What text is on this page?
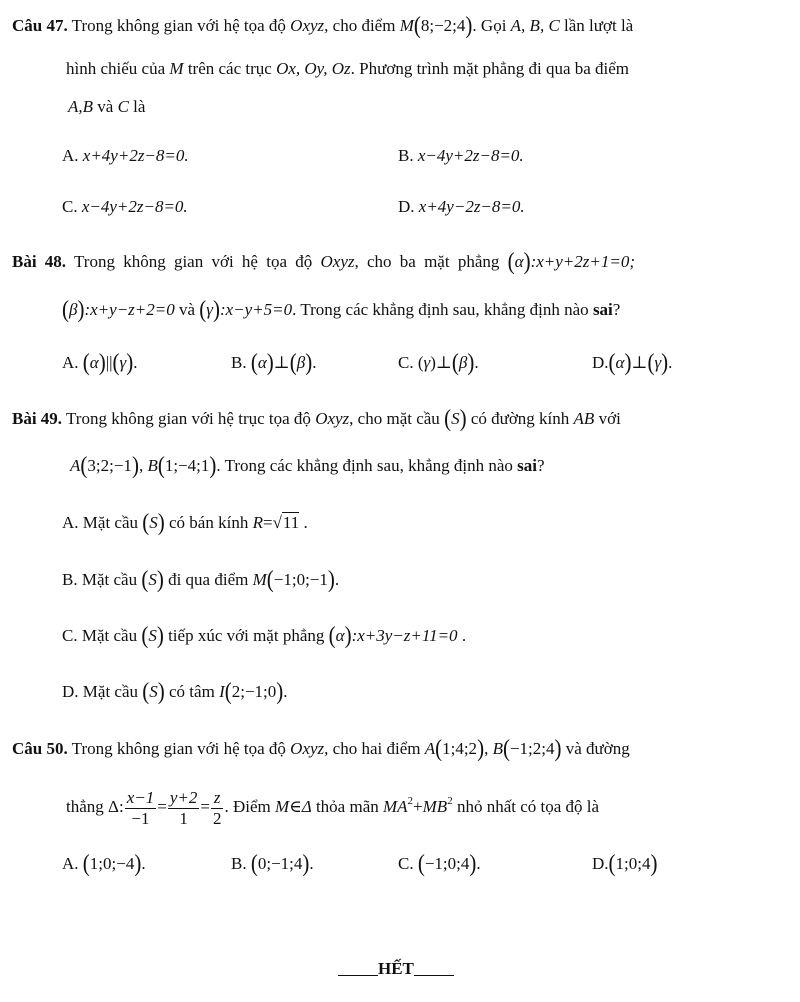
Câu 47. Trong không gian với hệ tọa độ Oxyz, cho điểm M(8;−2;4). Gọi A, B, C lần lượt là
hình chiếu của M trên các trục Ox, Oy, Oz. Phương trình mặt phẳng đi qua ba điểm
A,B và C là
A. x+4y+2z−8=0.	B. x−4y+2z−8=0.
C. x−4y+2z−8=0.	D. x+4y−2z−8=0.
Bài 48. Trong không gian với hệ tọa độ Oxyz, cho ba mặt phẳng (α):x+y+2z+1=0;
(β):x+y−z+2=0 và (γ):x−y+5=0. Trong các khẳng định sau, khẳng định nào sai?
A. (α)||(γ).	B. (α)⊥(β).	C. (γ)⊥(β).	D.(α)⊥(γ).
Bài 49. Trong không gian với hệ trục tọa độ Oxyz, cho mặt cầu (S) có đường kính AB với
A(3;2;−1), B(1;−4;1). Trong các khẳng định sau, khẳng định nào sai?
A. Mặt cầu (S) có bán kính R=√11 .
B. Mặt cầu (S) đi qua điểm M(−1;0;−1).
C. Mặt cầu (S) tiếp xúc với mặt phẳng (α):x+3y−z+11=0 .
D. Mặt cầu (S) có tâm I(2;−1;0).
Câu 50. Trong không gian với hệ tọa độ Oxyz, cho hai điểm A(1;4;2), B(−1;2;4) và đường
thẳng Δ: $\frac{x-1}{-1} = \frac{y+2}{1} = \frac{z}{2}$ . Điểm M∈Δ thỏa mãn $MA^2+MB^2$ nhỏ nhất có tọa độ là
A. (1;0;−4).	B. (0;−1;4).	C. (−1;0;4).	D.(1;0;4)
HẾT
